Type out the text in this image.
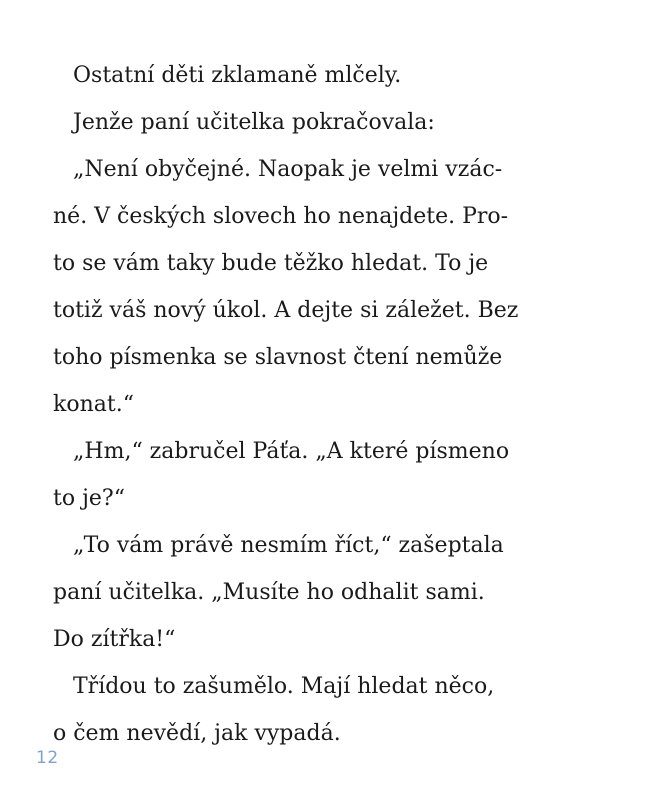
Ostatní děti zklamaně mlčely.
Jenže paní učitelka pokračovala:
„Není obyčejné. Naopak je velmi vzác-
né. V českých slovech ho nenajdete. Pro-
to se vám taky bude těžko hledat. To je
totiž váš nový úkol. A dejte si záležet. Bez
toho písmenka se slavnost čtení nemůže
konat.“
„Hm,“ zabručel Páťa. „A které písmeno
to je?“
„To vám právě nesmím říct,“ zašeptala
paní učitelka. „Musíte ho odhalit sami.
Do zítřka!“
Třídou to zašumělo. Mají hledat něco,
o čem nevědí, jak vypadá.
12
